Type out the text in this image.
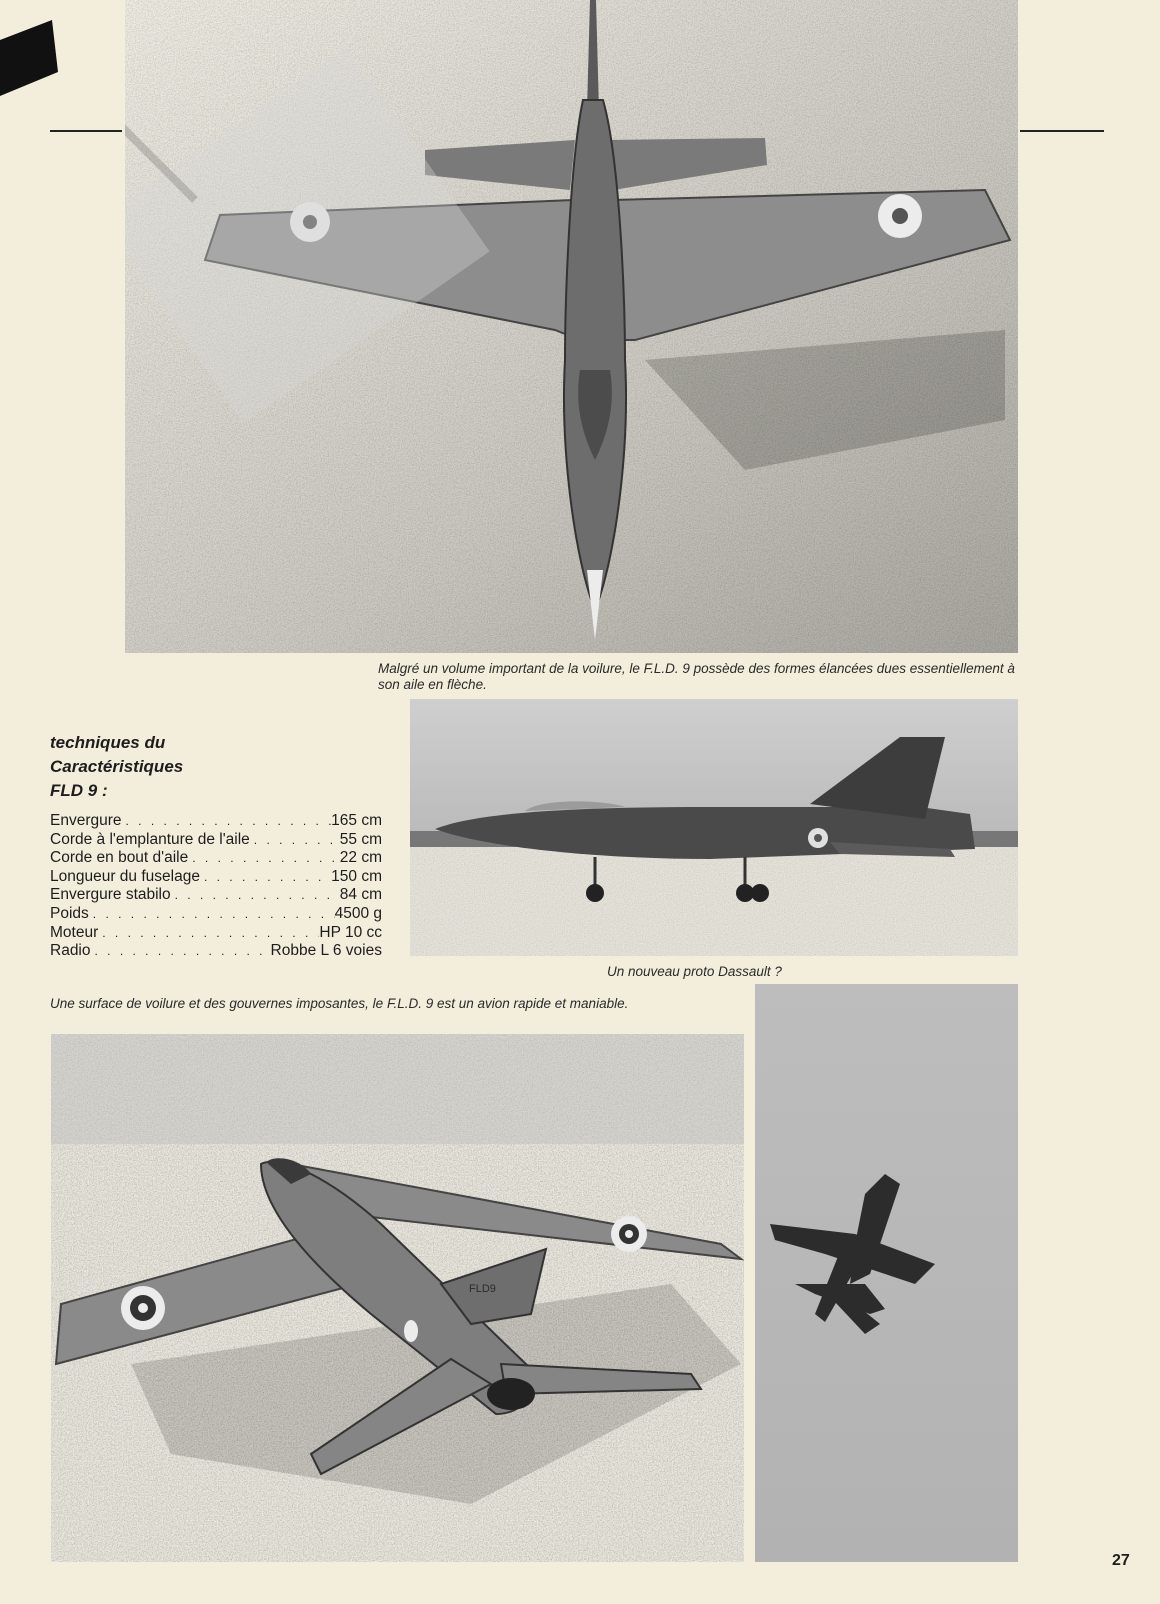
Malgré un volume important de la voilure, le F.L.D. 9 possède des formes élancées dues essentiellement à son aile en flèche.
techniques du
Caractéristiques
FLD 9 :
Envergure . . .	165 cm
Corde à l'emplanture de l'aile . . .	55 cm
Corde en bout d'aile . . .	22 cm
Longueur du fuselage . . .	150 cm
Envergure stabilo . . .	84 cm
Poids . . .	4500 g
Moteur . . .	HP 10 cc
Radio . . .	Robbe L 6 voies
Un nouveau proto Dassault ?
Une surface de voilure et des gouvernes imposantes, le F.L.D. 9 est un avion rapide et maniable.
FLD9
27
